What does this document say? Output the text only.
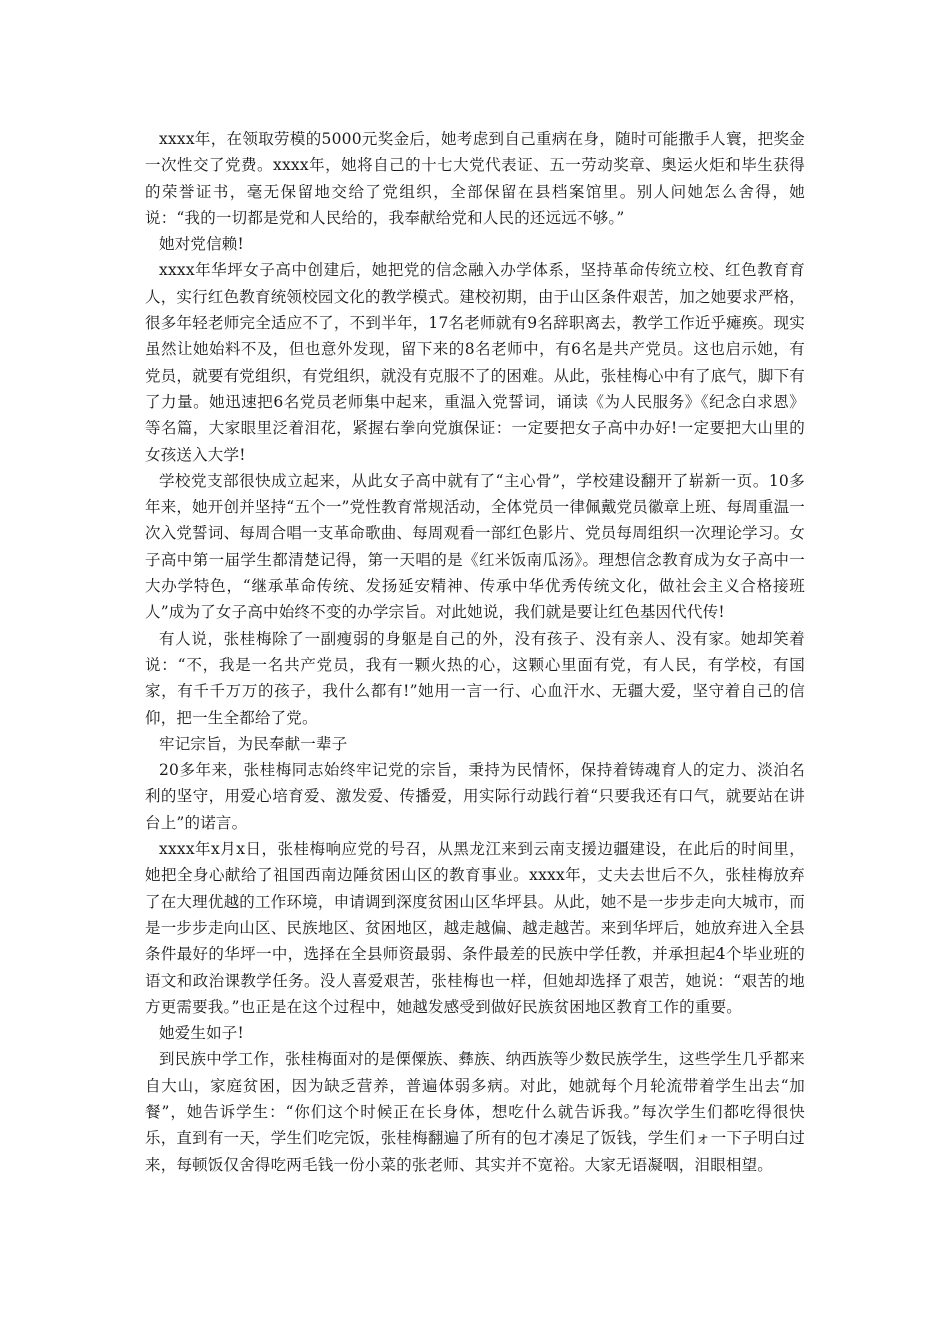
xxxx年，在领取劳模的5000元奖金后，她考虑到自己重病在身，随时可能撒手人寰，把奖金一次性交了党费。xxxx年，她将自己的十七大党代表证、五一劳动奖章、奥运火炬和毕生获得的荣誉证书，毫无保留地交给了党组织，全部保留在县档案馆里。别人问她怎么舍得，她说：“我的一切都是党和人民给的，我奉献给党和人民的还远远不够。”

她对党信赖!

xxxx年华坪女子高中创建后，她把党的信念融入办学体系，坚持革命传统立校、红色教育育人，实行红色教育统领校园文化的教学模式。建校初期，由于山区条件艰苦，加之她要求严格，很多年轻老师完全适应不了，不到半年，17名老师就有9名辞职离去，教学工作近乎瘫痪。现实虽然让她始料不及，但也意外发现，留下来的8名老师中，有6名是共产党员。这也启示她，有党员，就要有党组织，有党组织，就没有克服不了的困难。从此，张桂梅心中有了底气，脚下有了力量。她迅速把6名党员老师集中起来，重温入党誓词，诵读《为人民服务》《纪念白求恩》等名篇，大家眼里泛着泪花，紧握右拳向党旗保证：一定要把女子高中办好!一定要把大山里的女孩送入大学!

学校党支部很快成立起来，从此女子高中就有了“主心骨”，学校建设翻开了崭新一页。10多年来，她开创并坚持“五个一”党性教育常规活动，全体党员一律佩戴党员徽章上班、每周重温一次入党誓词、每周合唱一支革命歌曲、每周观看一部红色影片、党员每周组织一次理论学习。女子高中第一届学生都清楚记得，第一天唱的是《红米饭南瓜汤》。理想信念教育成为女子高中一大办学特色，“继承革命传统、发扬延安精神、传承中华优秀传统文化，做社会主义合格接班人”成为了女子高中始终不变的办学宗旨。对此她说，我们就是要让红色基因代代传!

有人说，张桂梅除了一副瘦弱的身躯是自己的外，没有孩子、没有亲人、没有家。她却笑着说：“不，我是一名共产党员，我有一颗火热的心，这颗心里面有党，有人民，有学校，有国家，有千千万万的孩子，我什么都有!”她用一言一行、心血汗水、无疆大爱，坚守着自己的信仰，把一生全都给了党。

牢记宗旨，为民奉献一辈子

20多年来，张桂梅同志始终牢记党的宗旨，秉持为民情怀，保持着铸魂育人的定力、淡泊名利的坚守，用爱心培育爱、激发爱、传播爱，用实际行动践行着“只要我还有口气，就要站在讲台上”的诺言。

xxxx年x月x日，张桂梅响应党的号召，从黑龙江来到云南支援边疆建设，在此后的时间里，她把全身心献给了祖国西南边陲贫困山区的教育事业。xxxx年，丈夫去世后不久，张桂梅放弃了在大理优越的工作环境，申请调到深度贫困山区华坪县。从此，她不是一步步走向大城市，而是一步步走向山区、民族地区、贫困地区，越走越偏、越走越苦。来到华坪后，她放弃进入全县条件最好的华坪一中，选择在全县师资最弱、条件最差的民族中学任教，并承担起4个毕业班的语文和政治课教学任务。没人喜爱艰苦，张桂梅也一样，但她却选择了艰苦，她说：“艰苦的地方更需要我。”也正是在这个过程中，她越发感受到做好民族贫困地区教育工作的重要。

她爱生如子!

到民族中学工作，张桂梅面对的是傈僳族、彝族、纳西族等少数民族学生，这些学生几乎都来自大山，家庭贫困，因为缺乏营养，普遍体弱多病。对此，她就每个月轮流带着学生出去“加餐”，她告诉学生：“你们这个时候正在长身体，想吃什么就告诉我。”每次学生们都吃得很快乐，直到有一天，学生们吃完饭，张桂梅翻遍了所有的包才凑足了饭钱，学生们ォ一下子明白过来，每顿饭仅舍得吃两毛钱一份小菜的张老师、其实并不宽裕。大家无语凝咽，泪眼相望。
